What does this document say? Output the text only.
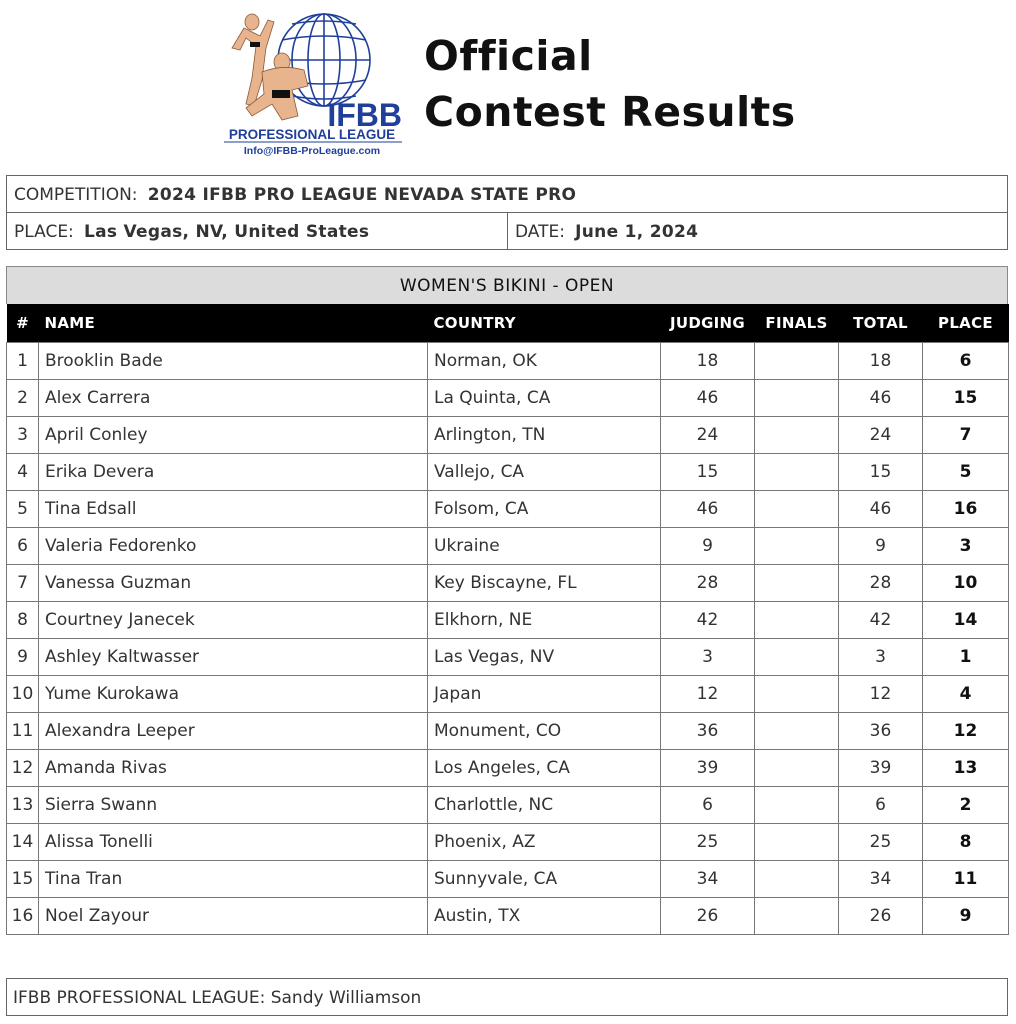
IFBB
PROFESSIONAL LEAGUE
Info@IFBB-ProLeague.com
Official
Contest Results
COMPETITION: 2024 IFBB PRO LEAGUE NEVADA STATE PRO
PLACE: Las Vegas, NV, United States	DATE: June 1, 2024
WOMEN'S BIKINI - OPEN
#	NAME	COUNTRY	JUDGING	FINALS	TOTAL	PLACE
1	Brooklin Bade	Norman, OK	18		18	6
2	Alex Carrera	La Quinta, CA	46		46	15
3	April Conley	Arlington, TN	24		24	7
4	Erika Devera	Vallejo, CA	15		15	5
5	Tina Edsall	Folsom, CA	46		46	16
6	Valeria Fedorenko	Ukraine	9		9	3
7	Vanessa Guzman	Key Biscayne, FL	28		28	10
8	Courtney Janecek	Elkhorn, NE	42		42	14
9	Ashley Kaltwasser	Las Vegas, NV	3		3	1
10	Yume Kurokawa	Japan	12		12	4
11	Alexandra Leeper	Monument, CO	36		36	12
12	Amanda Rivas	Los Angeles, CA	39		39	13
13	Sierra Swann	Charlottle, NC	6		6	2
14	Alissa Tonelli	Phoenix, AZ	25		25	8
15	Tina Tran	Sunnyvale, CA	34		34	11
16	Noel Zayour	Austin, TX	26		26	9
IFBB PROFESSIONAL LEAGUE: Sandy Williamson
